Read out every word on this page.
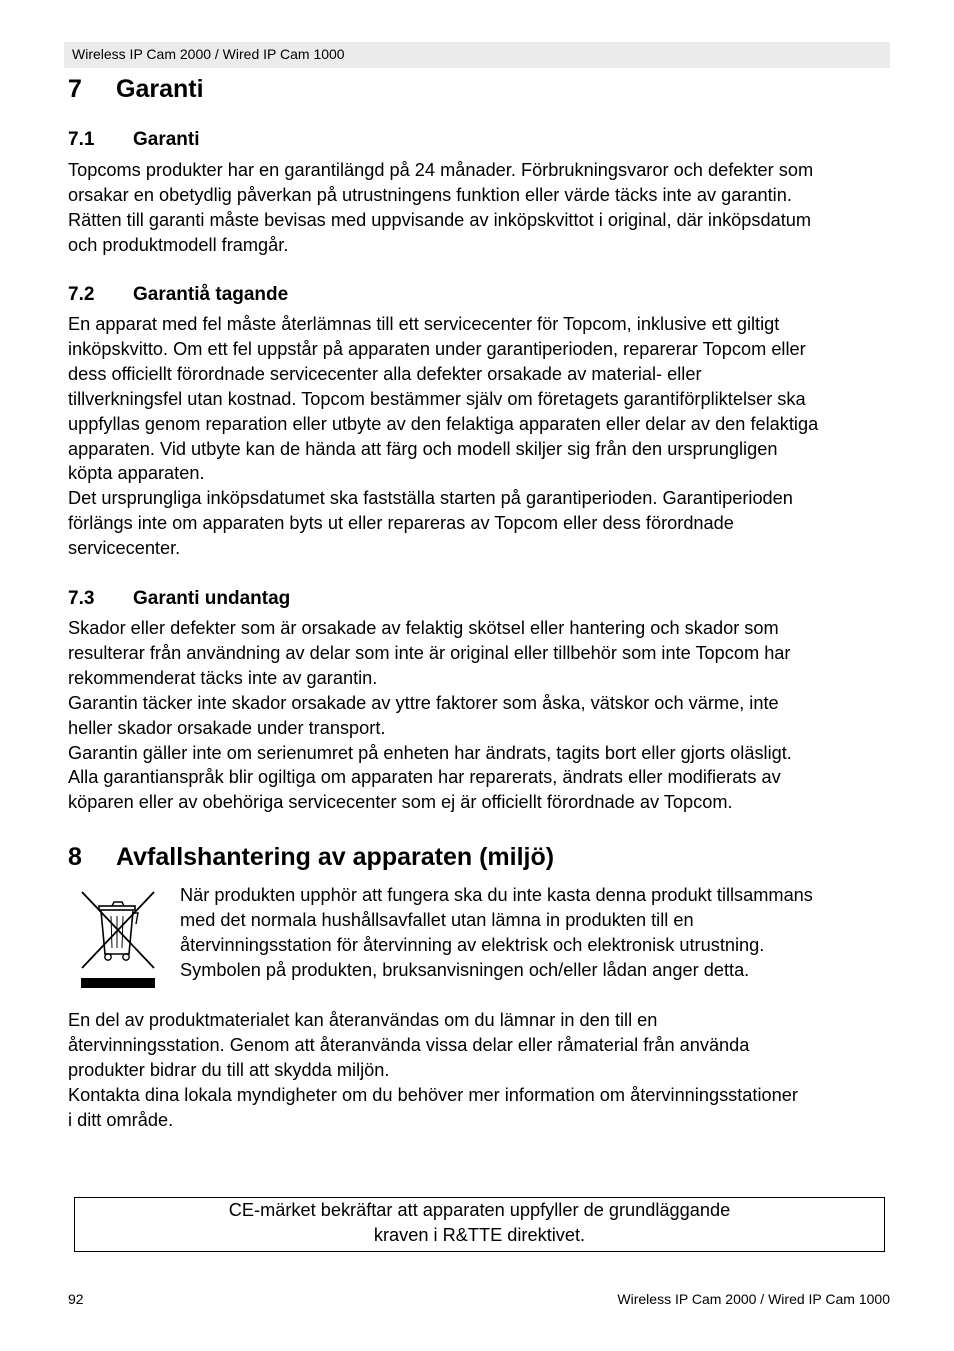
Wireless IP Cam 2000 / Wired IP Cam 1000
7 Garanti
7.1 Garanti
Topcoms produkter har en garantilängd på 24 månader. Förbrukningsvaror och defekter som
orsakar en obetydlig påverkan på utrustningens funktion eller värde täcks inte av garantin.
Rätten till garanti måste bevisas med uppvisande av inköpskvittot i original, där inköpsdatum
och produktmodell framgår.
7.2 Garantiå tagande
En apparat med fel måste återlämnas till ett servicecenter för Topcom, inklusive ett giltigt
inköpskvitto. Om ett fel uppstår på apparaten under garantiperioden, reparerar Topcom eller
dess officiellt förordnade servicecenter alla defekter orsakade av material- eller
tillverkningsfel utan kostnad. Topcom bestämmer själv om företagets garantiförpliktelser ska
uppfyllas genom reparation eller utbyte av den felaktiga apparaten eller delar av den felaktiga
apparaten. Vid utbyte kan de hända att färg och modell skiljer sig från den ursprungligen
köpta apparaten.
Det ursprungliga inköpsdatumet ska fastställa starten på garantiperioden. Garantiperioden
förlängs inte om apparaten byts ut eller repareras av Topcom eller dess förordnade
servicecenter.
7.3 Garanti undantag
Skador eller defekter som är orsakade av felaktig skötsel eller hantering och skador som
resulterar från användning av delar som inte är original eller tillbehör som inte Topcom har
rekommenderat täcks inte av garantin.
Garantin täcker inte skador orsakade av yttre faktorer som åska, vätskor och värme, inte
heller skador orsakade under transport.
Garantin gäller inte om serienumret på enheten har ändrats, tagits bort eller gjorts oläsligt.
Alla garantianspråk blir ogiltiga om apparaten har reparerats, ändrats eller modifierats av
köparen eller av obehöriga servicecenter som ej är officiellt förordnade av Topcom.
8 Avfallshantering av apparaten (miljö)
När produkten upphör att fungera ska du inte kasta denna produkt tillsammans
med det normala hushållsavfallet utan lämna in produkten till en
återvinningsstation för återvinning av elektrisk och elektronisk utrustning.
Symbolen på produkten, bruksanvisningen och/eller lådan anger detta.
En del av produktmaterialet kan återanvändas om du lämnar in den till en
återvinningsstation. Genom att återanvända vissa delar eller råmaterial från använda
produkter bidrar du till att skydda miljön.
Kontakta dina lokala myndigheter om du behöver mer information om återvinningsstationer
i ditt område.
CE-märket bekräftar att apparaten uppfyller de grundläggande
kraven i R&TTE direktivet.
92	Wireless IP Cam 2000 / Wired IP Cam 1000
